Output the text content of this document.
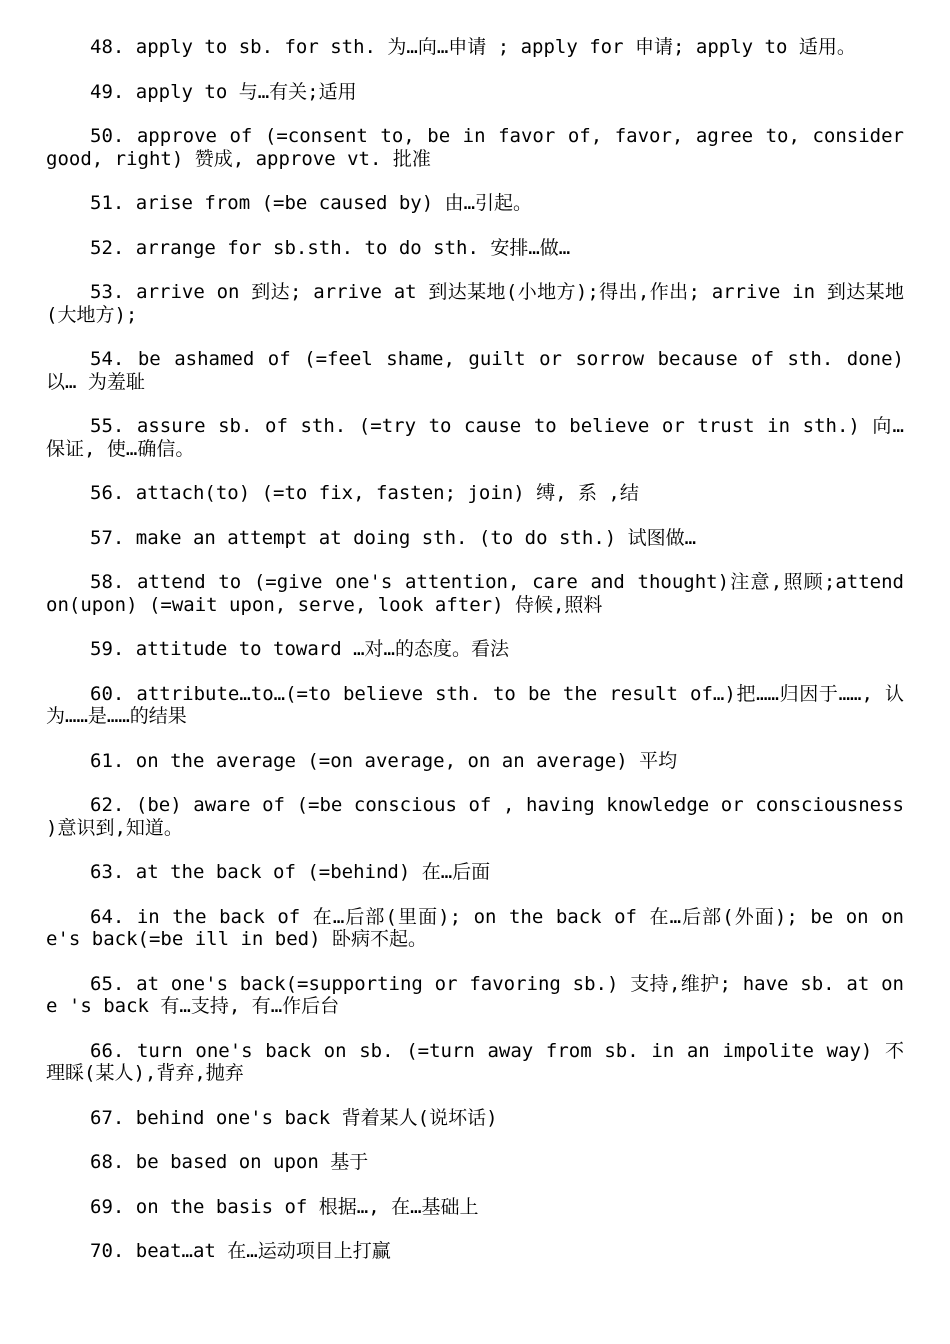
48. apply to sb. for sth. 为…向…申请 ; apply for 申请; apply to 适用。

49. apply to 与…有关;适用

50. approve of (=consent to, be in favor of, favor, agree to, consider good, right) 赞成, approve vt. 批准

51. arise from (=be caused by) 由…引起。

52. arrange for sb.sth. to do sth. 安排…做…

53. arrive on 到达; arrive at 到达某地(小地方);得出,作出; arrive in 到达某地(大地方);

54. be ashamed of (=feel shame, guilt or sorrow because of sth. done) 以… 为羞耻

55. assure sb. of sth. (=try to cause to believe or trust in sth.) 向…保证, 使…确信。

56. attach(to) (=to fix, fasten; join) 缚, 系 ,结

57. make an attempt at doing sth. (to do sth.) 试图做…

58. attend to (=give one's attention, care and thought)注意,照顾;attend on(upon) (=wait upon, serve, look after) 侍候,照料

59. attitude to toward …对…的态度。看法

60. attribute…to…(=to believe sth. to be the result of…)把……归因于……, 认为……是……的结果

61. on the average (=on average, on an average) 平均

62. (be) aware of (=be conscious of , having knowledge or consciousness )意识到,知道。

63. at the back of (=behind) 在…后面

64. in the back of 在…后部(里面); on the back of 在…后部(外面); be on one's back(=be ill in bed) 卧病不起。

65. at one's back(=supporting or favoring sb.) 支持,维护; have sb. at one 's back 有…支持, 有…作后台

66. turn one's back on sb. (=turn away from sb. in an impolite way) 不理睬(某人),背弃,抛弃

67. behind one's back 背着某人(说坏话)

68. be based on upon 基于

69. on the basis of 根据…, 在…基础上

70. beat…at 在…运动项目上打赢
